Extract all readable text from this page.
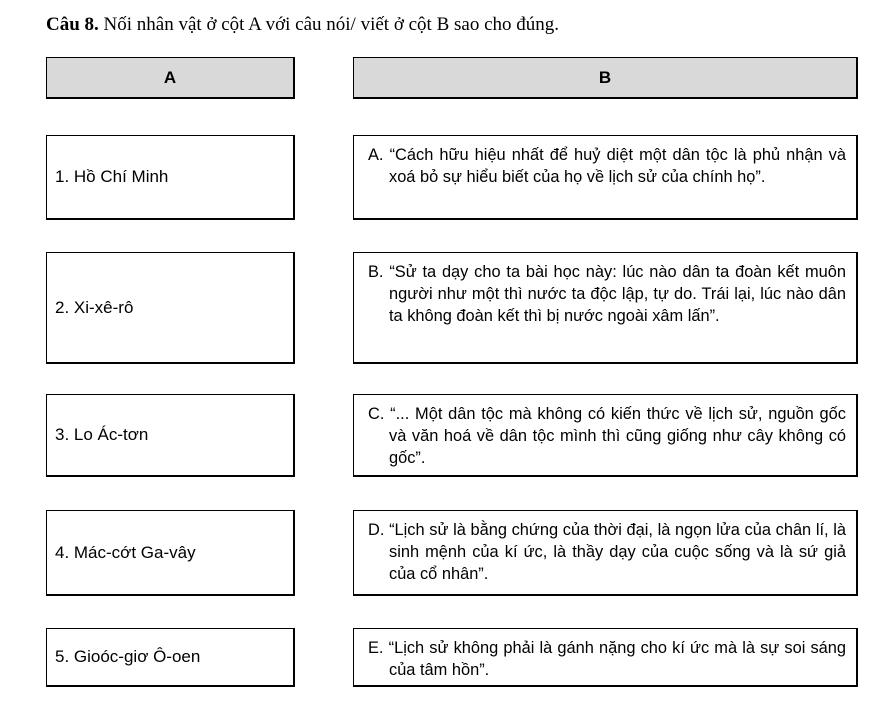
Câu 8. Nối nhân vật ở cột A với câu nói/ viết ở cột B sao cho đúng.
A	B
1. Hồ Chí Minh
2. Xi-xê-rô
3. Lo Ác-tơn
4. Mác-cớt Ga-vây
5. Gioóc-giơ Ô-oen
A. “Cách hữu hiệu nhất để huỷ diệt một dân tộc là phủ nhận và xoá bỏ sự hiểu biết của họ về lịch sử của chính họ”.
B. “Sử ta dạy cho ta bài học này: lúc nào dân ta đoàn kết muôn người như một thì nước ta độc lập, tự do. Trái lại, lúc nào dân ta không đoàn kết thì bị nước ngoài xâm lấn”.
C. “... Một dân tộc mà không có kiến thức về lịch sử, nguồn gốc và văn hoá về dân tộc mình thì cũng giống như cây không có gốc”.
D. “Lịch sử là bằng chứng của thời đại, là ngọn lửa của chân lí, là sinh mệnh của kí ức, là thầy dạy của cuộc sống và là sứ giả của cổ nhân”.
E. “Lịch sử không phải là gánh nặng cho kí ức mà là sự soi sáng của tâm hồn”.
